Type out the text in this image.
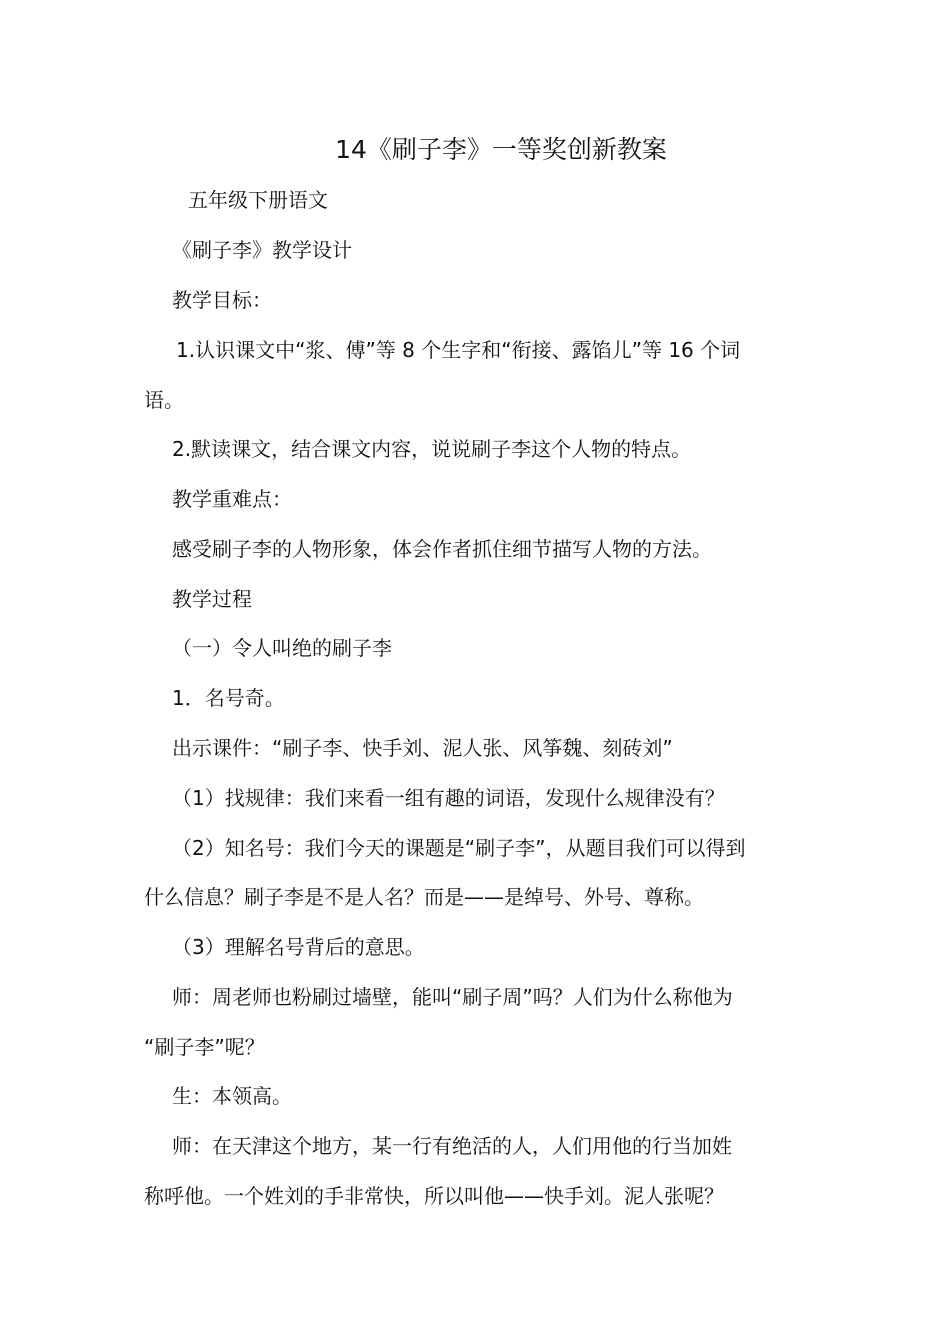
14《刷子李》一等奖创新教案
五年级下册语文
《刷子李》教学设计
教学目标：
1.认识课文中“浆、傅”等 8 个生字和“衔接、露馅儿”等 16 个词
语。
2.默读课文，结合课文内容，说说刷子李这个人物的特点。
教学重难点：
感受刷子李的人物形象，体会作者抓住细节描写人物的方法。
教学过程
（一）令人叫绝的刷子李
1．名号奇。
出示课件：“刷子李、快手刘、泥人张、风筝魏、刻砖刘”
（1）找规律：我们来看一组有趣的词语，发现什么规律没有？
（2）知名号：我们今天的课题是“刷子李”，从题目我们可以得到
什么信息？刷子李是不是人名？而是——是绰号、外号、尊称。
（3）理解名号背后的意思。
师：周老师也粉刷过墙壁，能叫“刷子周”吗？人们为什么称他为
“刷子李”呢？
生：本领高。
师：在天津这个地方，某一行有绝活的人，人们用他的行当加姓
称呼他。一个姓刘的手非常快，所以叫他——快手刘。泥人张呢？
